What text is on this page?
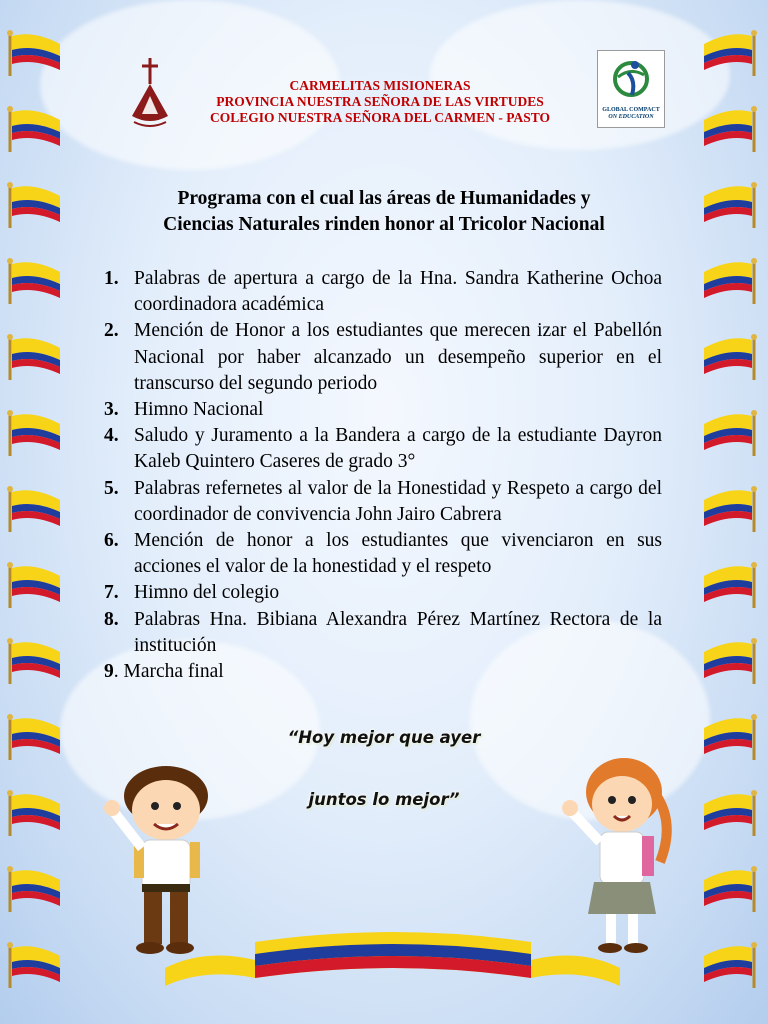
GLOBAL COMPACT
ON EDUCATION
CARMELITAS MISIONERAS
PROVINCIA NUESTRA SEÑORA DE LAS VIRTUDES
COLEGIO NUESTRA SEÑORA DEL CARMEN - PASTO
Programa con el cual las áreas de Humanidades y
Ciencias Naturales rinden honor al Tricolor Nacional
1. Palabras de apertura a cargo de la Hna. Sandra Katherine Ochoa coordinadora académica
2. Mención de Honor a los estudiantes que merecen izar el Pabellón Nacional por haber alcanzado un desempeño superior en el transcurso del segundo periodo
3. Himno Nacional
4. Saludo y Juramento a la Bandera a cargo de la estudiante Dayron Kaleb Quintero Caseres de grado 3°
5. Palabras refernetes al valor de la Honestidad y Respeto a cargo del coordinador de convivencia John Jairo Cabrera
6. Mención de honor a los estudiantes que vivenciaron en sus acciones el valor de la honestidad y el respeto
7. Himno del colegio
8. Palabras Hna. Bibiana Alexandra Pérez Martínez Rectora de la institución
9. Marcha final
“Hoy mejor que ayer
juntos lo mejor”
